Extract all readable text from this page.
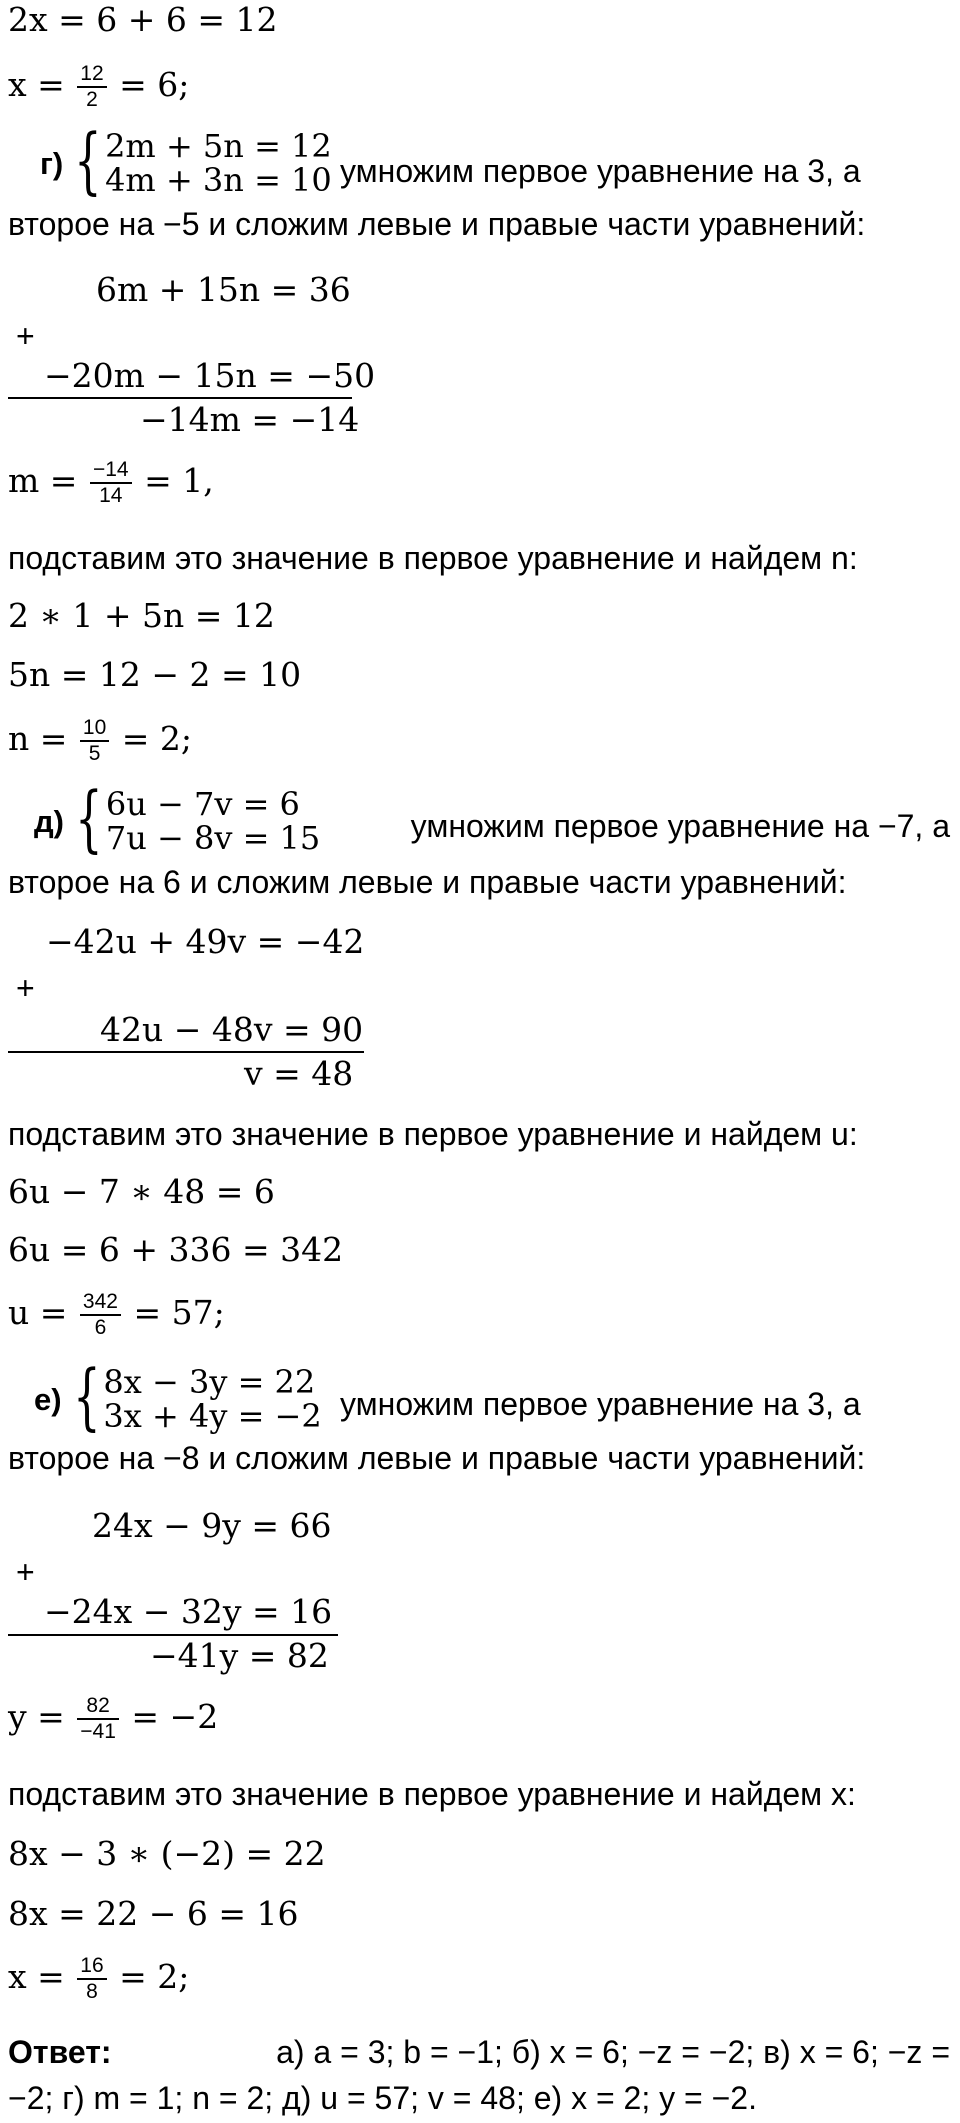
2x = 6 + 6 = 12
$x = \frac{12}{2} = 6$;
г) { 2m + 5n = 12
4m + 3n = 10 умножим первое уравнение на 3, а
второе на −5 и сложим левые и правые части уравнений:
6m + 15n = 36
+
−20m − 15n = −50
−14m = −14
$m = \frac{-14}{14} = 1$,
подставим это значение в первое уравнение и найдем n:
2 ∗ 1 + 5n = 12
5n = 12 − 2 = 10
$n = \frac{10}{5} = 2$;
д) { 6u − 7v = 6
7u − 8v = 15	умножим первое уравнение на −7, а
второе на 6 и сложим левые и правые части уравнений:
−42u + 49v = −42
+
42u − 48v = 90
v = 48
подставим это значение в первое уравнение и найдем u:
6u − 7 ∗ 48 = 6
6u = 6 + 336 = 342
$u = \frac{342}{6} = 57$;
е) { 8x − 3y = 22
3x + 4y = −2 умножим первое уравнение на 3, а
второе на −8 и сложим левые и правые части уравнений:
24x − 9y = 66
+
−24x − 32y = 16
−41y = 82
$y = \frac{82}{-41} = -2$
подставим это значение в первое уравнение и найдем x:
8x − 3 ∗ (−2) = 22
8x = 22 − 6 = 16
$x = \frac{16}{8} = 2$;
Ответ:	а) a = 3; b = −1; б) x = 6; −z = −2; в) x = 6; −z =
−2; г) m = 1; n = 2; д) u = 57; v = 48; е) x = 2; y = −2.
